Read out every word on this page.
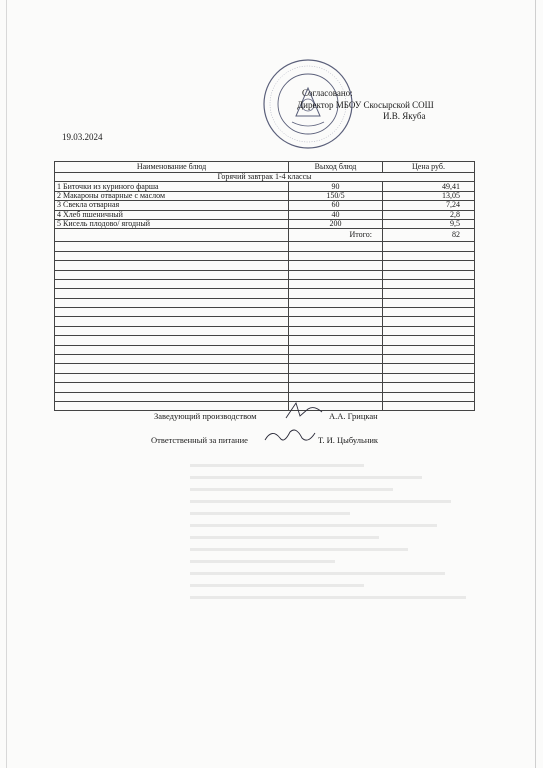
Согласовано:
Директор МБОУ Скосырской СОШ
И.В. Якуба
19.03.2024
Наименование блюд	Выход блюд	Цена руб.
Горячий завтрак 1-4 классы		
1 Биточки из куриного фарша	90	49,41
2 Макароны отварные с маслом	150/5	13,05
3 Свекла отварная	60	7,24
4 Хлеб пшеничный	40	2,8
5 Кисель плодово/ ягодный	200	9,5
	Итого:	82

Заведующий производством	А.А. Грицкан
Ответственный за питание	Т. И. Цыбульник
